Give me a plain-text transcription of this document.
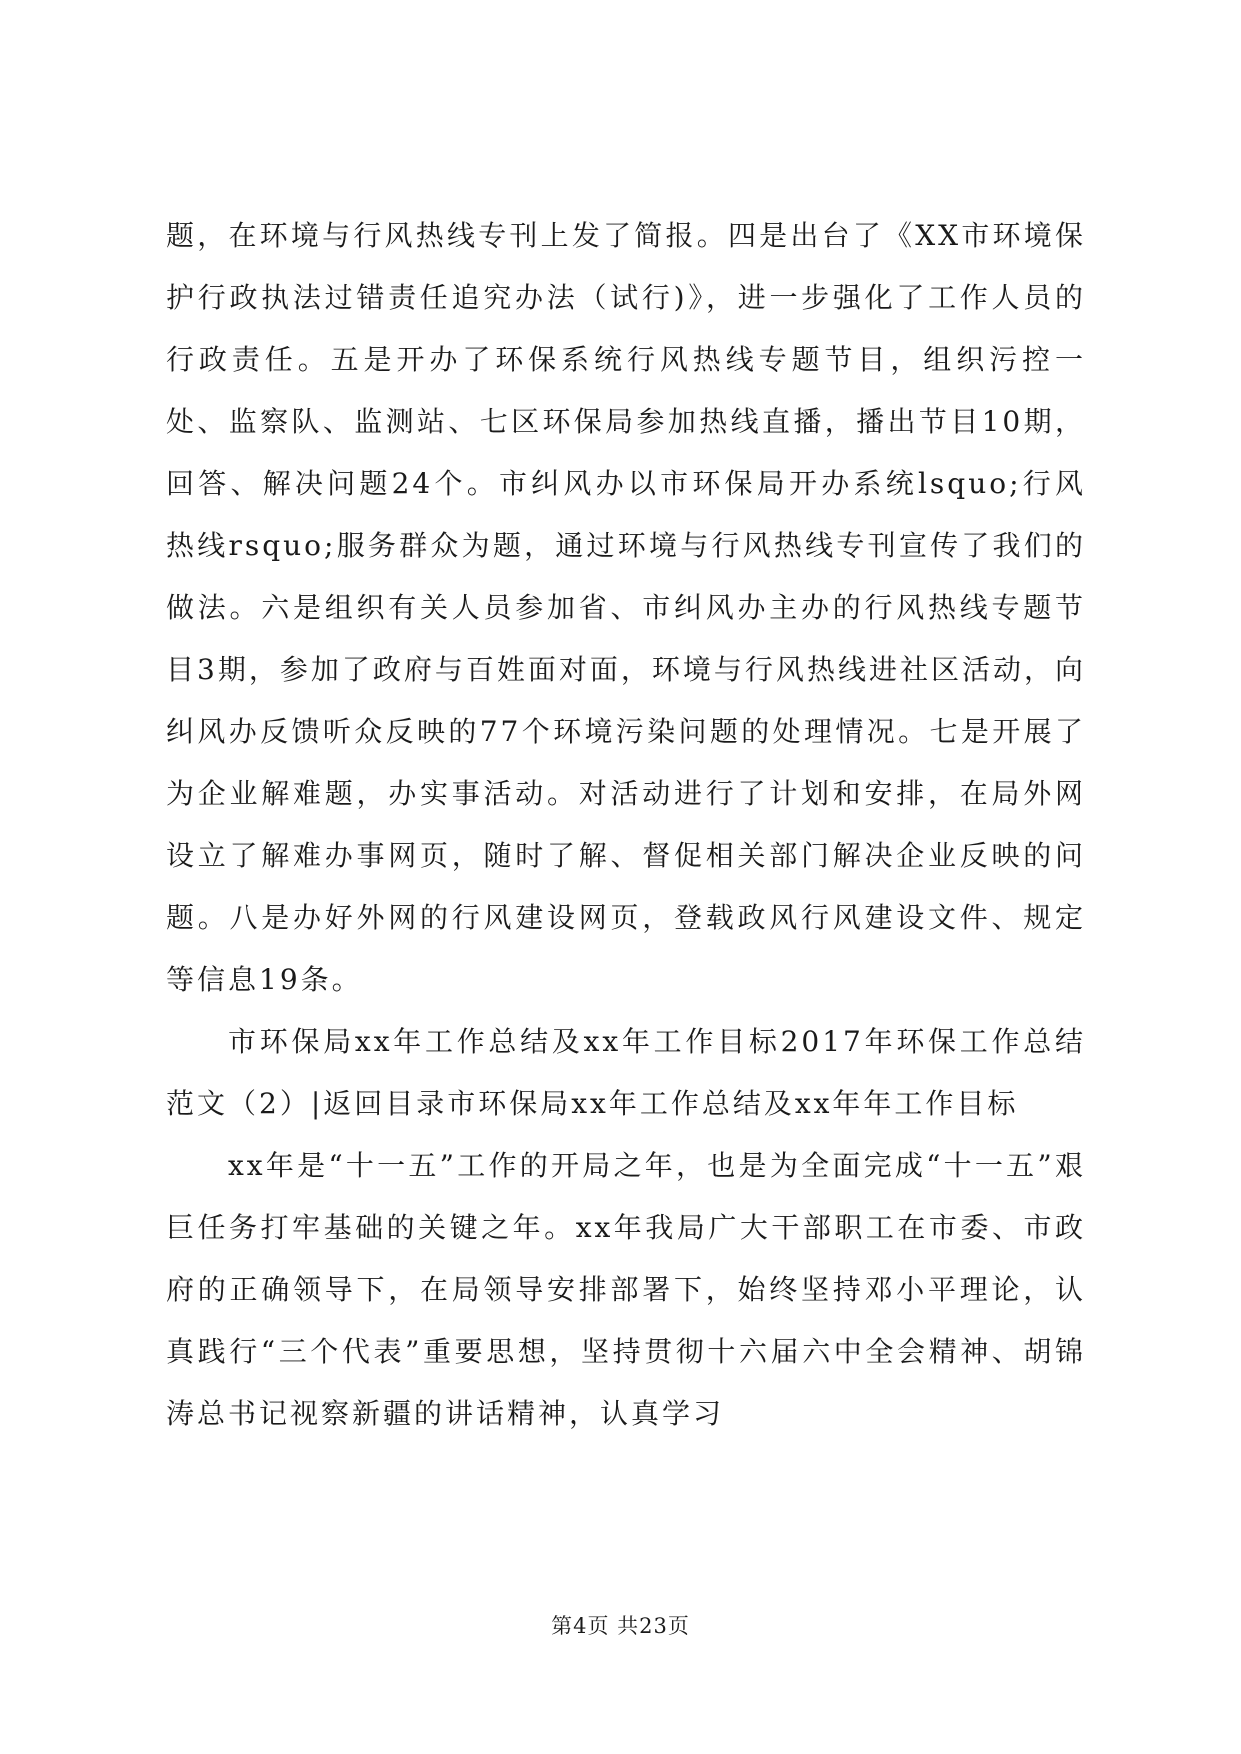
题，在环境与行风热线专刊上发了简报。四是出台了《XX市环境保护行政执法过错责任追究办法（试行)》，进一步强化了工作人员的行政责任。五是开办了环保系统行风热线专题节目，组织污控一处、监察队、监测站、七区环保局参加热线直播，播出节目10期，回答、解决问题24个。市纠风办以市环保局开办系统lsquo;行风热线rsquo;服务群众为题，通过环境与行风热线专刊宣传了我们的做法。六是组织有关人员参加省、市纠风办主办的行风热线专题节目3期，参加了政府与百姓面对面，环境与行风热线进社区活动，向纠风办反馈听众反映的77个环境污染问题的处理情况。七是开展了为企业解难题，办实事活动。对活动进行了计划和安排，在局外网设立了解难办事网页，随时了解、督促相关部门解决企业反映的问题。八是办好外网的行风建设网页，登载政风行风建设文件、规定等信息19条。

市环保局xx年工作总结及xx年工作目标2017年环保工作总结范文（2）|返回目录市环保局xx年工作总结及xx年年工作目标

xx年是“十一五”工作的开局之年，也是为全面完成“十一五”艰巨任务打牢基础的关键之年。xx年我局广大干部职工在市委、市政府的正确领导下，在局领导安排部署下，始终坚持邓小平理论，认真践行“三个代表”重要思想，坚持贯彻十六届六中全会精神、胡锦涛总书记视察新疆的讲话精神，认真学习

第4页 共23页
